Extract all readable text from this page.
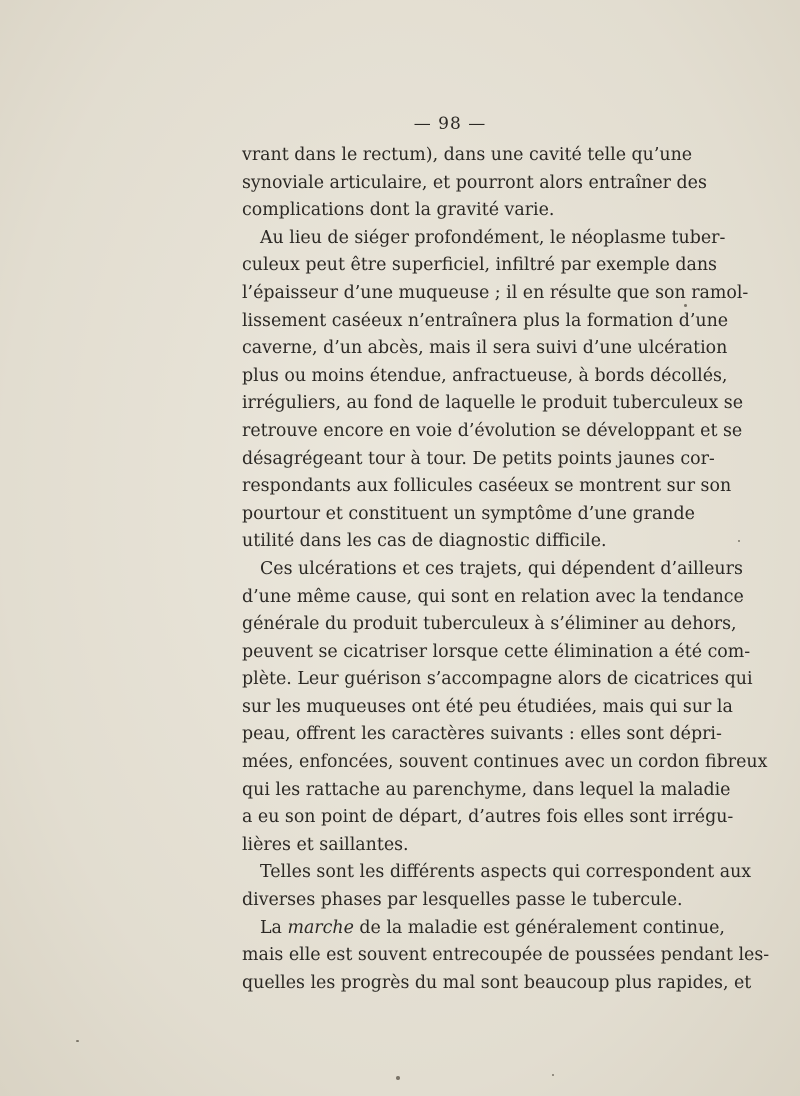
— 98 —
vrant dans le rectum), dans une cavité telle qu’une
synoviale articulaire, et pourront alors entraîner des
complications dont la gravité varie.
Au lieu de siéger profondément, le néoplasme tuber-
culeux peut être superficiel, infiltré par exemple dans
l’épaisseur d’une muqueuse ; il en résulte que son ramol-
lissement caséeux n’entraînera plus la formation d’une
caverne, d’un abcès, mais il sera suivi d’une ulcération
plus ou moins étendue, anfractueuse, à bords décollés,
irréguliers, au fond de laquelle le produit tuberculeux se
retrouve encore en voie d’évolution se développant et se
désagrégeant tour à tour. De petits points jaunes cor-
respondants aux follicules caséeux se montrent sur son
pourtour et constituent un symptôme d’une grande
utilité dans les cas de diagnostic difficile.
Ces ulcérations et ces trajets, qui dépendent d’ailleurs
d’une même cause, qui sont en relation avec la tendance
générale du produit tuberculeux à s’éliminer au dehors,
peuvent se cicatriser lorsque cette élimination a été com-
plète. Leur guérison s’accompagne alors de cicatrices qui
sur les muqueuses ont été peu étudiées, mais qui sur la
peau, offrent les caractères suivants : elles sont dépri-
mées, enfoncées, souvent continues avec un cordon fibreux
qui les rattache au parenchyme, dans lequel la maladie
a eu son point de départ, d’autres fois elles sont irrégu-
lières et saillantes.
Telles sont les différents aspects qui correspondent aux
diverses phases par lesquelles passe le tubercule.
La marche de la maladie est généralement continue,
mais elle est souvent entrecoupée de poussées pendant les-
quelles les progrès du mal sont beaucoup plus rapides, et
